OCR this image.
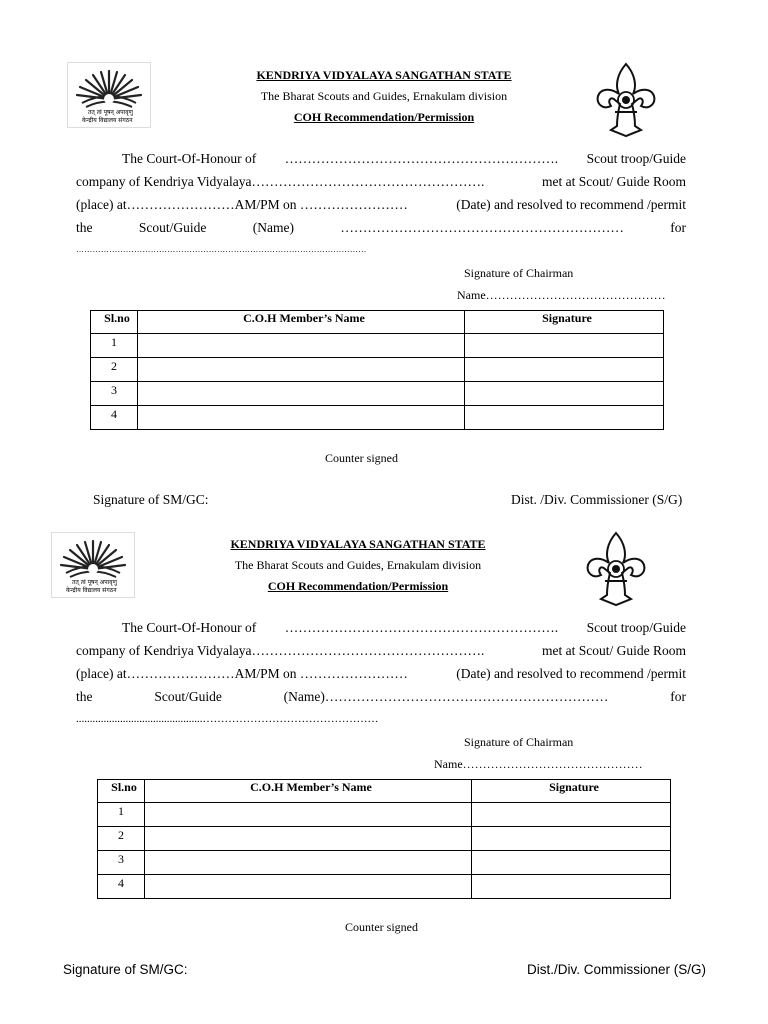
तत् त्वं पूषन् अपावृणु
केन्द्रीय विद्यालय संगठन
KENDRIYA VIDYALAYA SANGATHAN STATE
The Bharat Scouts and Guides, Ernakulam division
COH Recommendation/Permission
The Court-Of-Honour of ……………………………………………………. Scout troop/Guide
company of Kendriya Vidyalaya…………………………………………….	met at Scout/ Guide Room
(place) at……………………AM/PM on ……………………	(Date) and resolved to recommend /permit
the	Scout/Guide	(Name)	………………………………………………………	for
……………………………………………………………………………………………
Signature of Chairman
Name………………………………………
Sl.no	C.O.H Member’s Name	Signature
1		
2		
3		
4		
Counter signed
Signature of SM/GC:	Dist. /Div. Commissioner (S/G)
तत् त्वं पूषन् अपावृणु
केन्द्रीय विद्यालय संगठन
KENDRIYA VIDYALAYA SANGATHAN STATE
The Bharat Scouts and Guides, Ernakulam division
COH Recommendation/Permission
The Court-Of-Honour of ……………………………………………………. Scout troop/Guide
company of Kendriya Vidyalaya…………………………………………….	met at Scout/ Guide Room
(place) at……………………AM/PM on ……………………	(Date) and resolved to recommend /permit
the	Scout/Guide	(Name)………………………………………………………	for
..............................................…………………………………………
Signature of Chairman
Name………………………………………
Sl.no	C.O.H Member’s Name	Signature
1		
2		
3		
4		
Counter signed
Signature of SM/GC:	Dist./Div. Commissioner (S/G)
